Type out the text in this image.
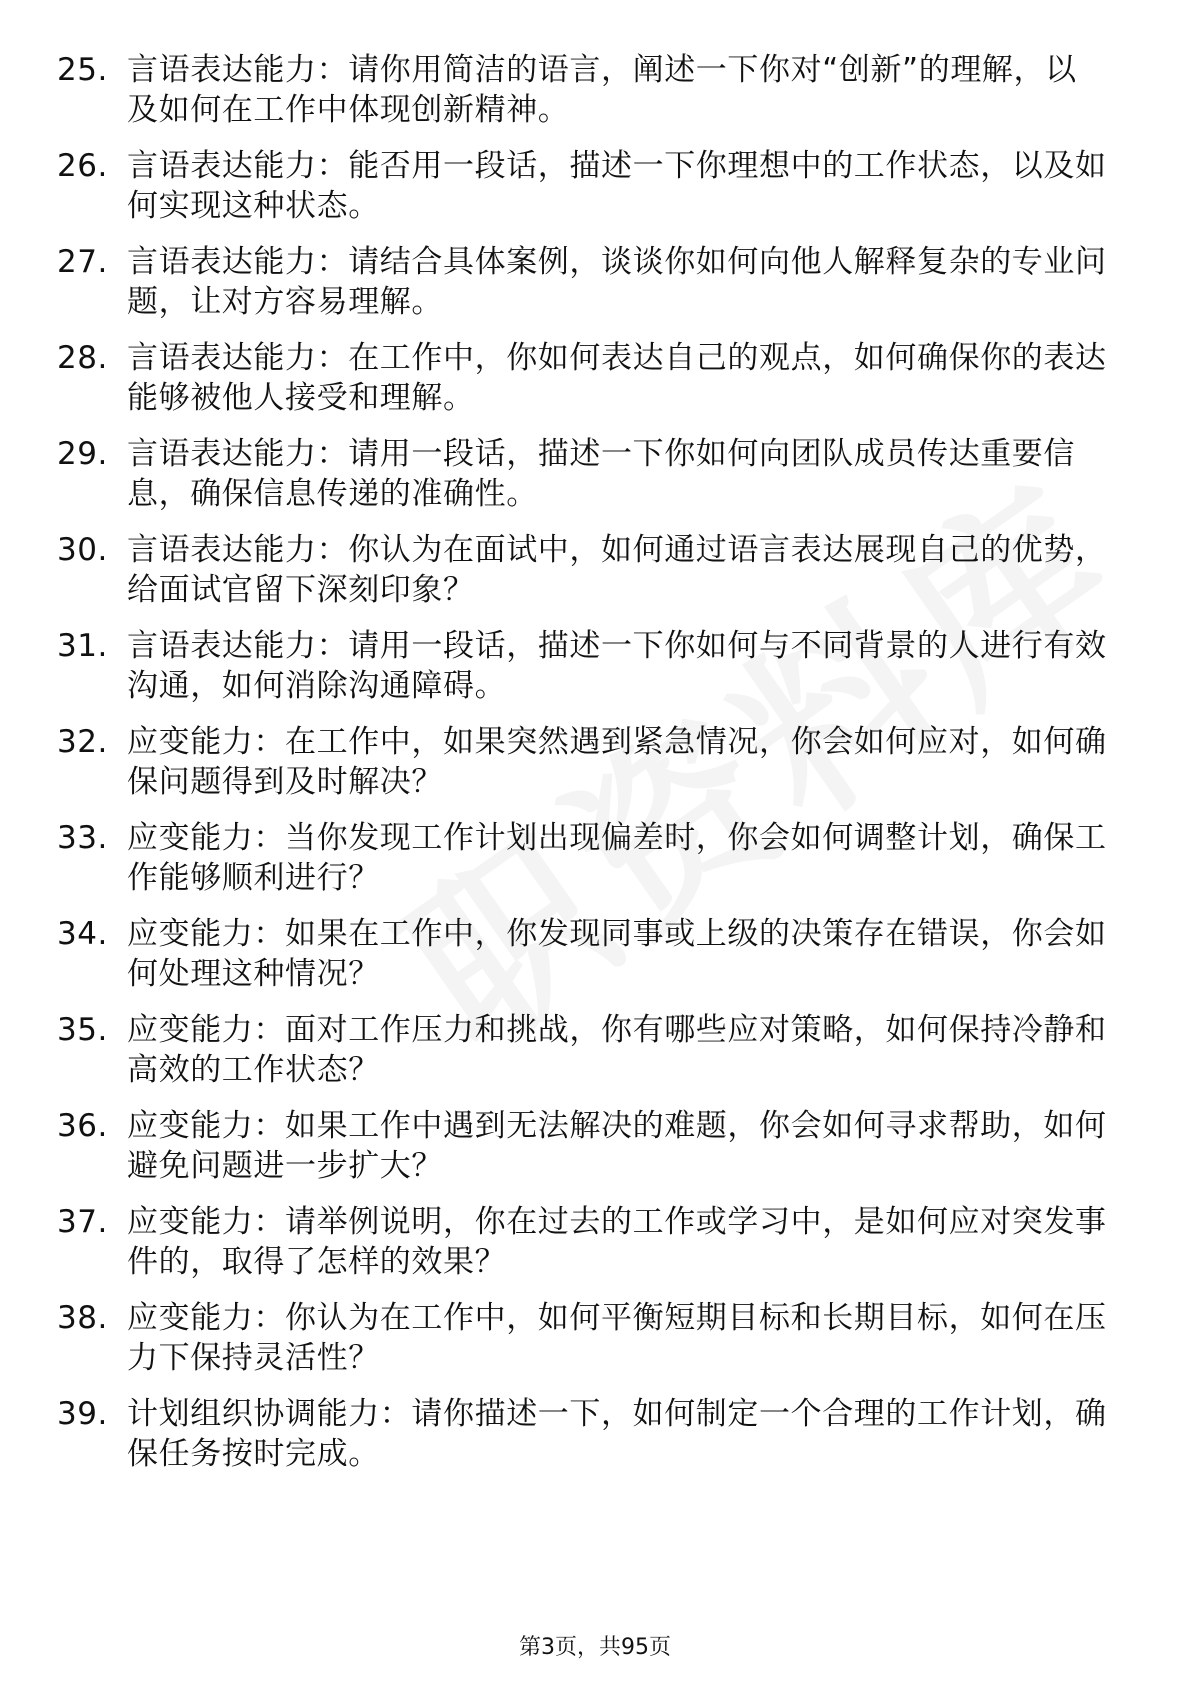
25. 言语表达能力：请你用简洁的语言，阐述一下你对“创新”的理解，以及如何在工作中体现创新精神。
26. 言语表达能力：能否用一段话，描述一下你理想中的工作状态，以及如何实现这种状态。
27. 言语表达能力：请结合具体案例，谈谈你如何向他人解释复杂的专业问题，让对方容易理解。
28. 言语表达能力：在工作中，你如何表达自己的观点，如何确保你的表达能够被他人接受和理解。
29. 言语表达能力：请用一段话，描述一下你如何向团队成员传达重要信息，确保信息传递的准确性。
30. 言语表达能力：你认为在面试中，如何通过语言表达展现自己的优势，给面试官留下深刻印象？
31. 言语表达能力：请用一段话，描述一下你如何与不同背景的人进行有效沟通，如何消除沟通障碍。
32. 应变能力：在工作中，如果突然遇到紧急情况，你会如何应对，如何确保问题得到及时解决？
33. 应变能力：当你发现工作计划出现偏差时，你会如何调整计划，确保工作能够顺利进行？
34. 应变能力：如果在工作中，你发现同事或上级的决策存在错误，你会如何处理这种情况？
35. 应变能力：面对工作压力和挑战，你有哪些应对策略，如何保持冷静和高效的工作状态？
36. 应变能力：如果工作中遇到无法解决的难题，你会如何寻求帮助，如何避免问题进一步扩大？
37. 应变能力：请举例说明，你在过去的工作或学习中，是如何应对突发事件的，取得了怎样的效果？
38. 应变能力：你认为在工作中，如何平衡短期目标和长期目标，如何在压力下保持灵活性？
39. 计划组织协调能力：请你描述一下，如何制定一个合理的工作计划，确保任务按时完成。
第3页，共95页
